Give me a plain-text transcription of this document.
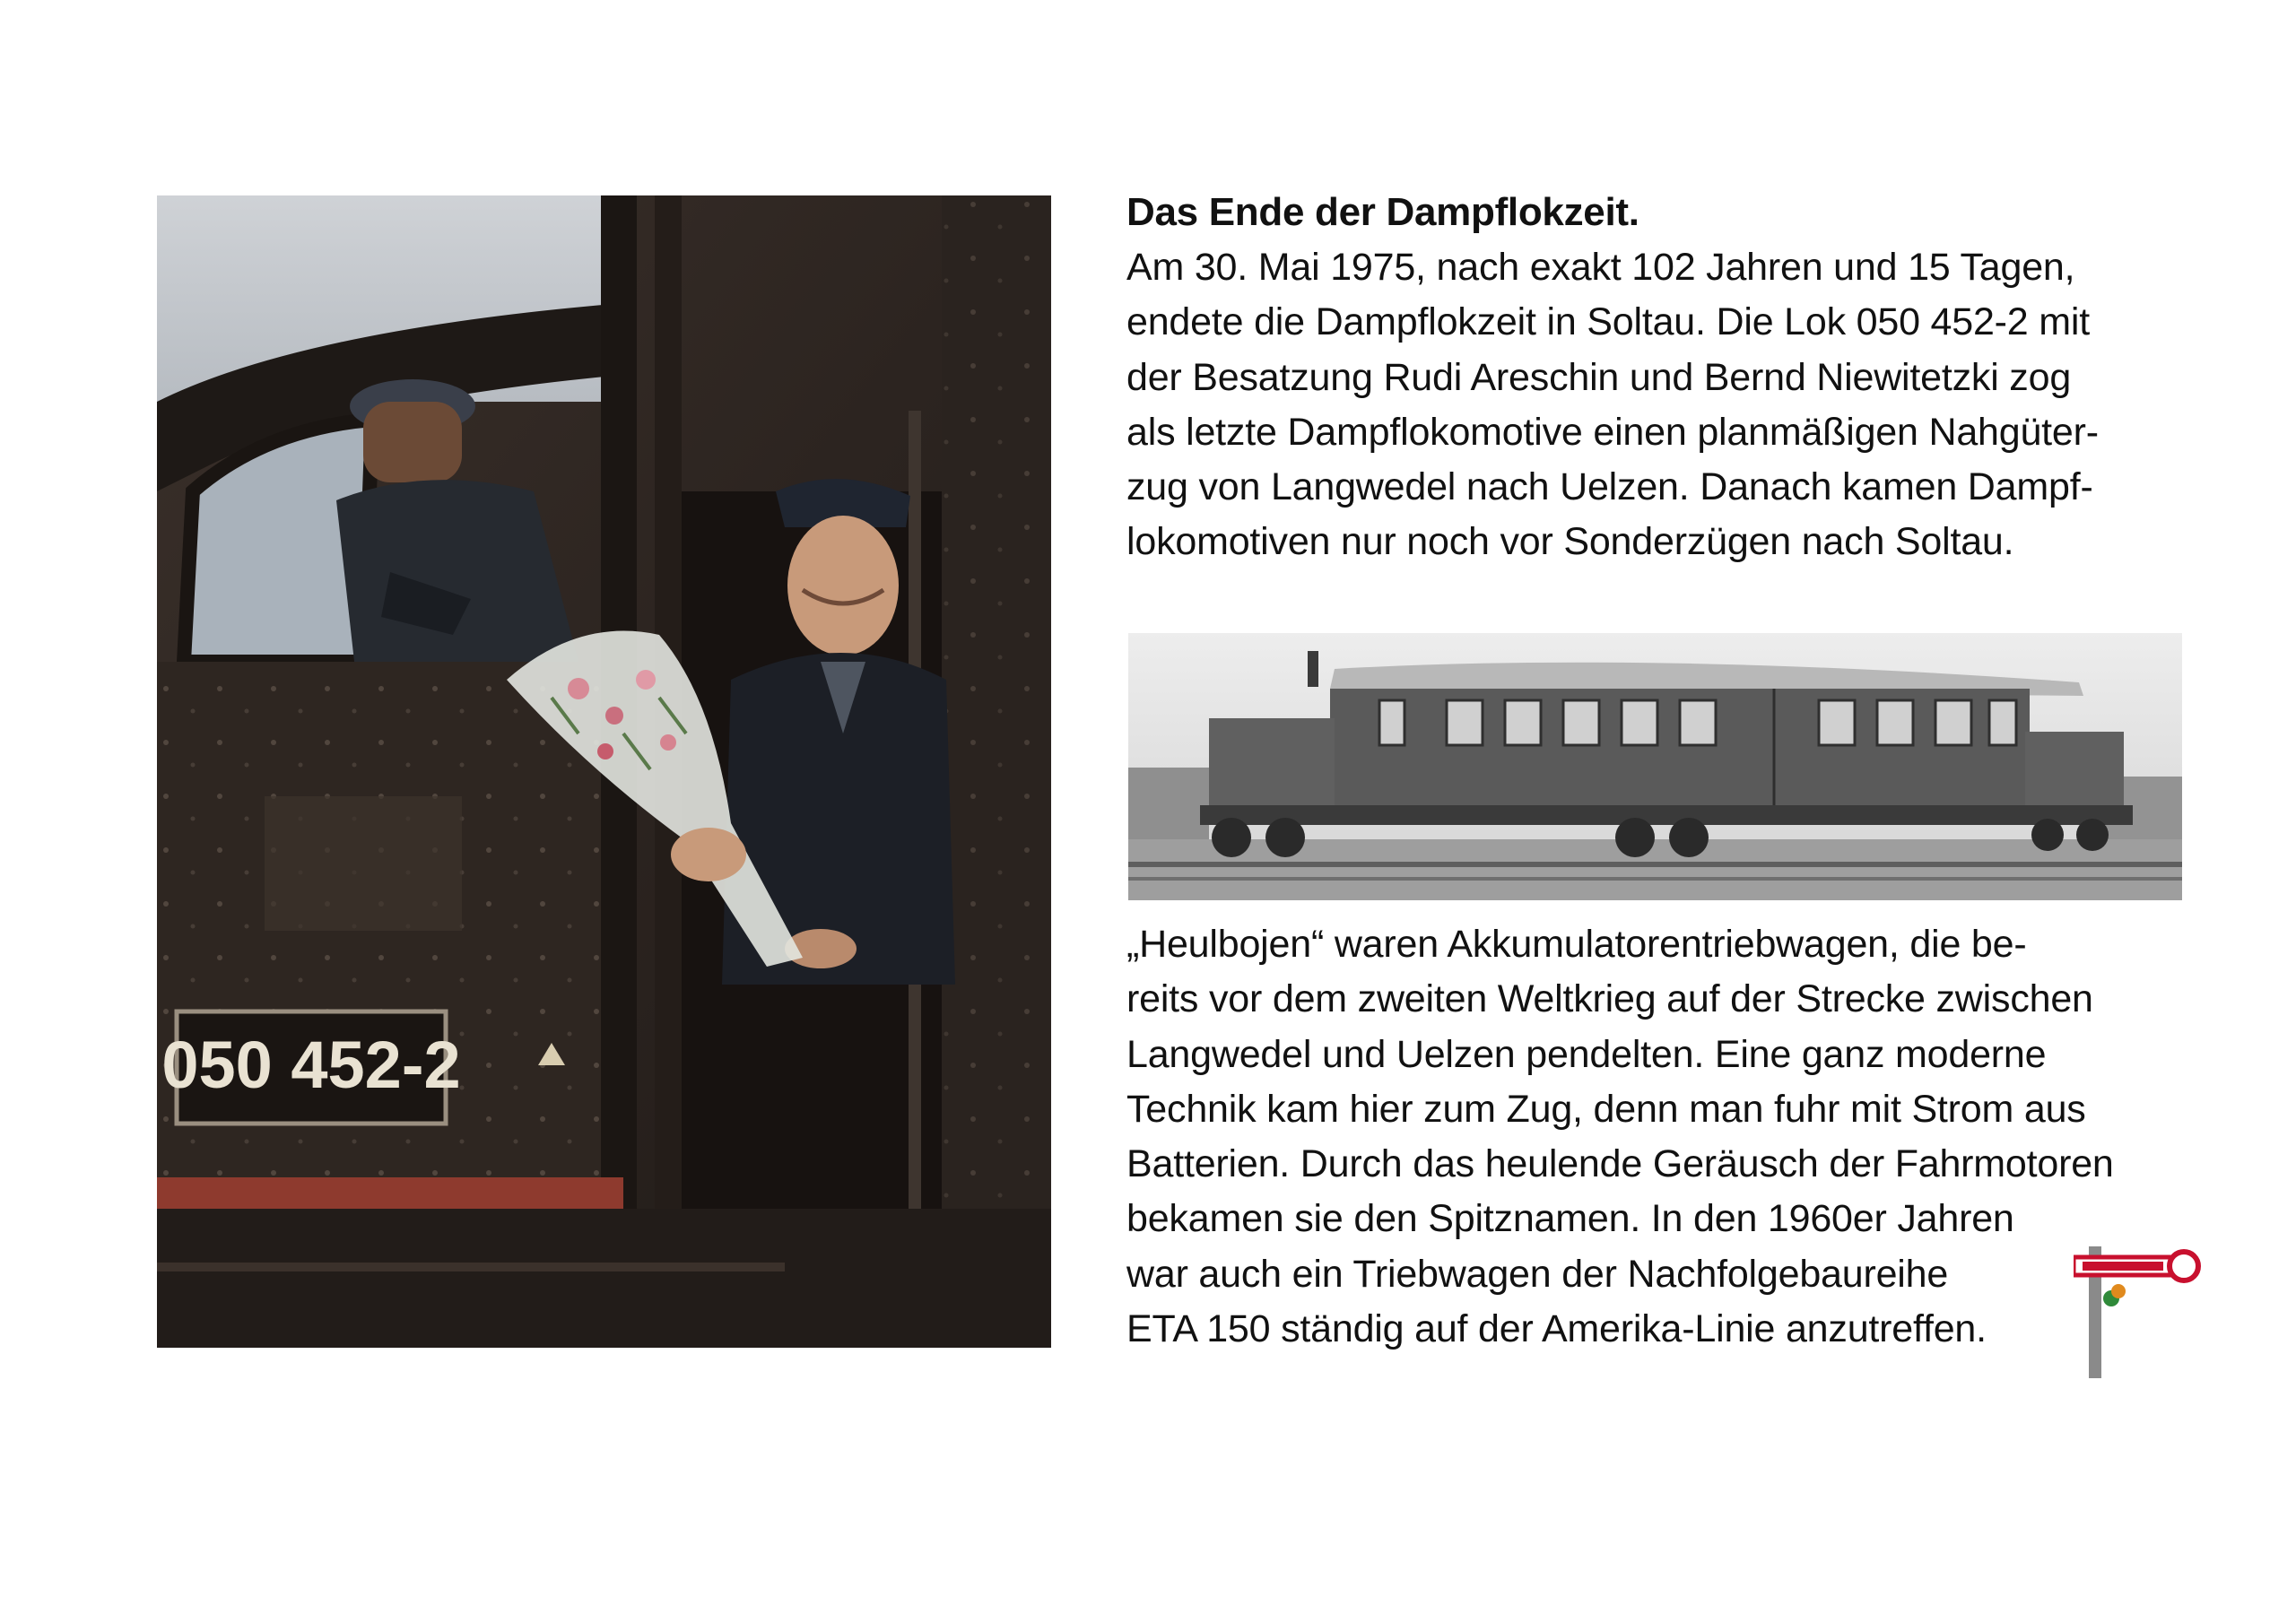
050 452-2
Das Ende der Dampflokzeit.

Am 30. Mai 1975, nach exakt 102 Jahren und 15 Tagen,
endete die Dampflokzeit in Soltau. Die Lok 050 452-2 mit
der Besatzung Rudi Areschin und Bernd Niewitetzki zog
als letzte Dampflokomotive einen planmäßigen Nahgüter-
zug von Langwedel nach Uelzen. Danach kamen Dampf-
lokomotiven nur noch vor Sonderzügen nach Soltau.

„Heulbojen“ waren Akkumulatorentriebwagen, die be-
reits vor dem zweiten Weltkrieg auf der Strecke zwischen
Langwedel und Uelzen pendelten. Eine ganz moderne
Technik kam hier zum Zug, denn man fuhr mit Strom aus
Batterien. Durch das heulende Geräusch der Fahrmotoren
bekamen sie den Spitznamen. In den 1960er Jahren
war auch ein Triebwagen der Nachfolgebaureihe
ETA 150 ständig auf der Amerika-Linie anzutreffen.
